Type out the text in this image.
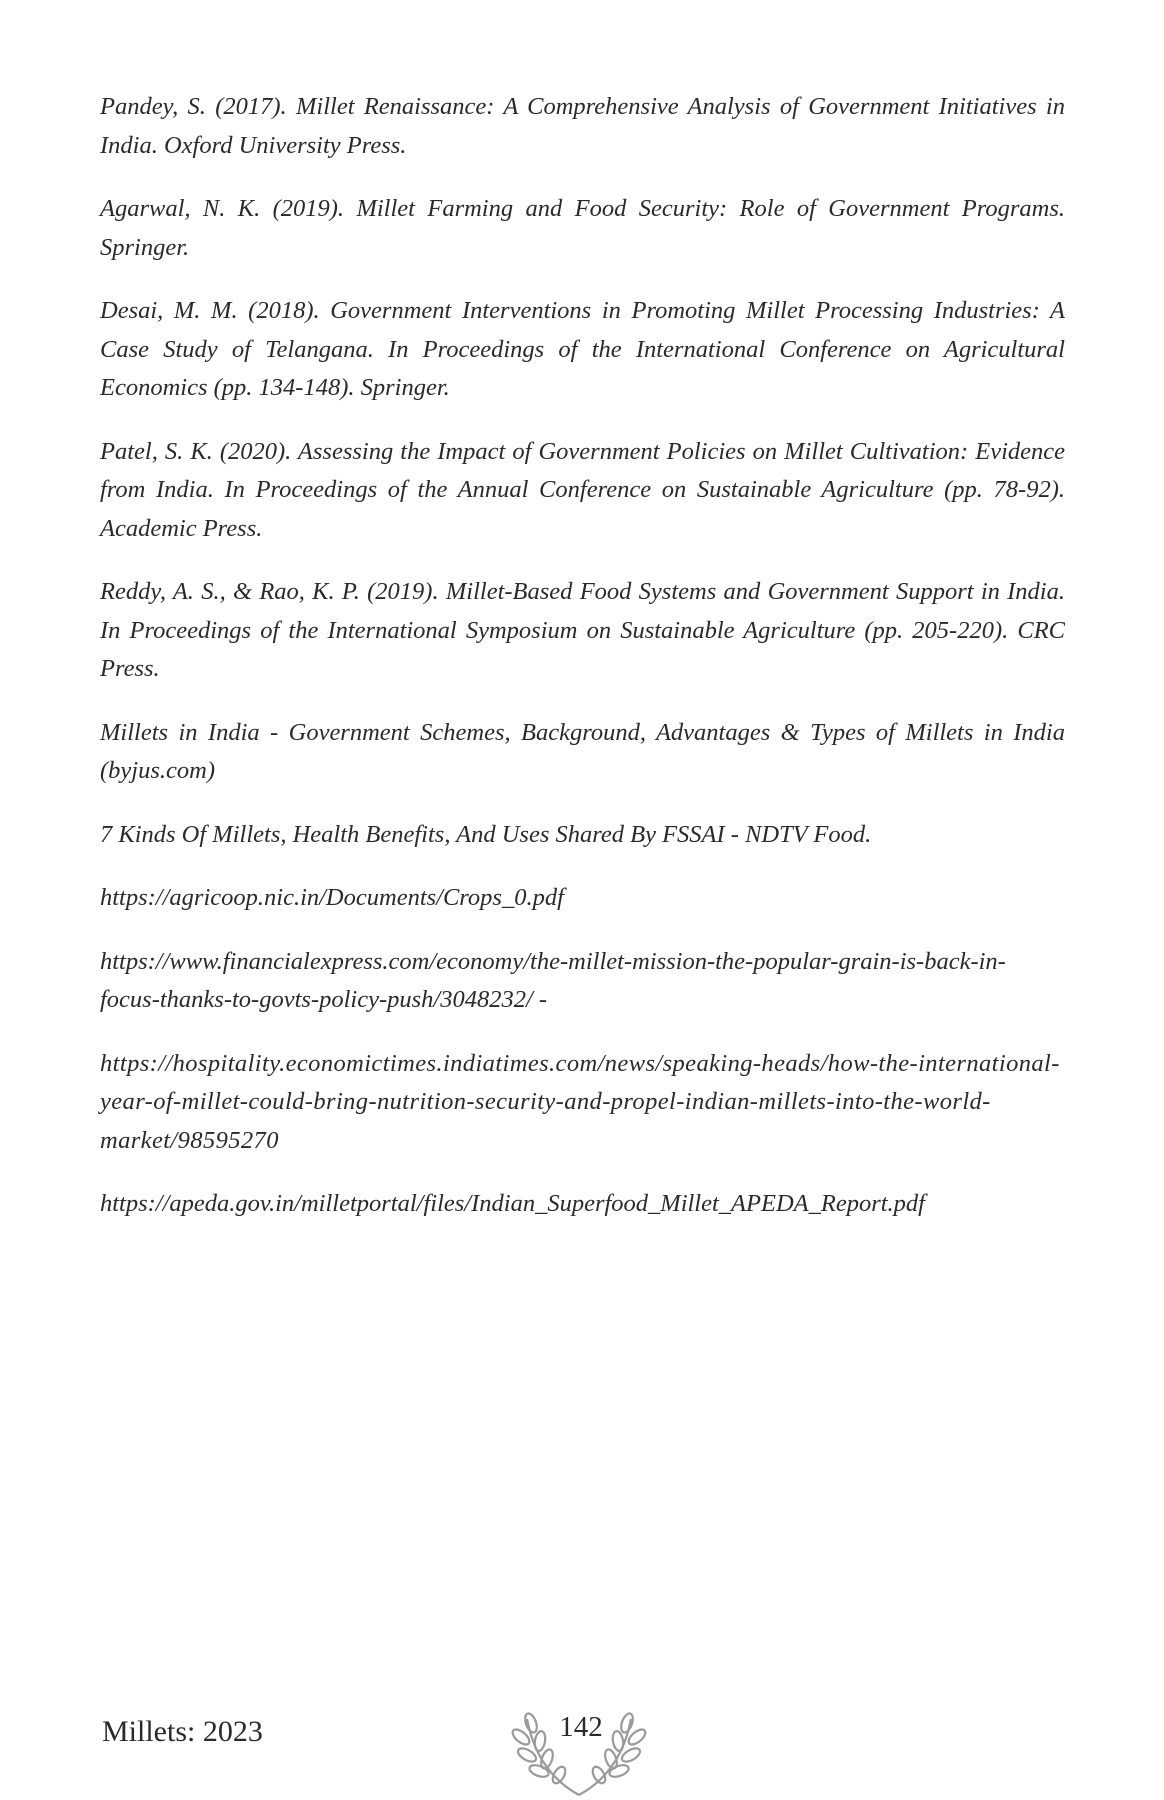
Pandey, S. (2017). Millet Renaissance: A Comprehensive Analysis of Government Initiatives in India. Oxford University Press.

Agarwal, N. K. (2019). Millet Farming and Food Security: Role of Government Programs. Springer.

Desai, M. M. (2018). Government Interventions in Promoting Millet Processing Industries: A Case Study of Telangana. In Proceedings of the International Conference on Agricultural Economics (pp. 134-148). Springer.

Patel, S. K. (2020). Assessing the Impact of Government Policies on Millet Cultivation: Evidence from India. In Proceedings of the Annual Conference on Sustainable Agriculture (pp. 78-92). Academic Press.

Reddy, A. S., & Rao, K. P. (2019). Millet-Based Food Systems and Government Support in India. In Proceedings of the International Symposium on Sustainable Agriculture (pp. 205-220). CRC Press.

Millets in India - Government Schemes, Background, Advantages & Types of Millets in India (byjus.com)

7 Kinds Of Millets, Health Benefits, And Uses Shared By FSSAI - NDTV Food.

https://agricoop.nic.in/Documents/Crops_0.pdf

https://www.financialexpress.com/economy/the-millet-mission-the-popular-grain-is-back-in-focus-thanks-to-govts-policy-push/3048232/ -

https://hospitality.economictimes.indiatimes.com/news/speaking-heads/how-the-international-year-of-millet-could-bring-nutrition-security-and-propel-indian-millets-into-the-world-market/98595270

https://apeda.gov.in/milletportal/files/Indian_Superfood_Millet_APEDA_Report.pdf

Millets: 2023	142
